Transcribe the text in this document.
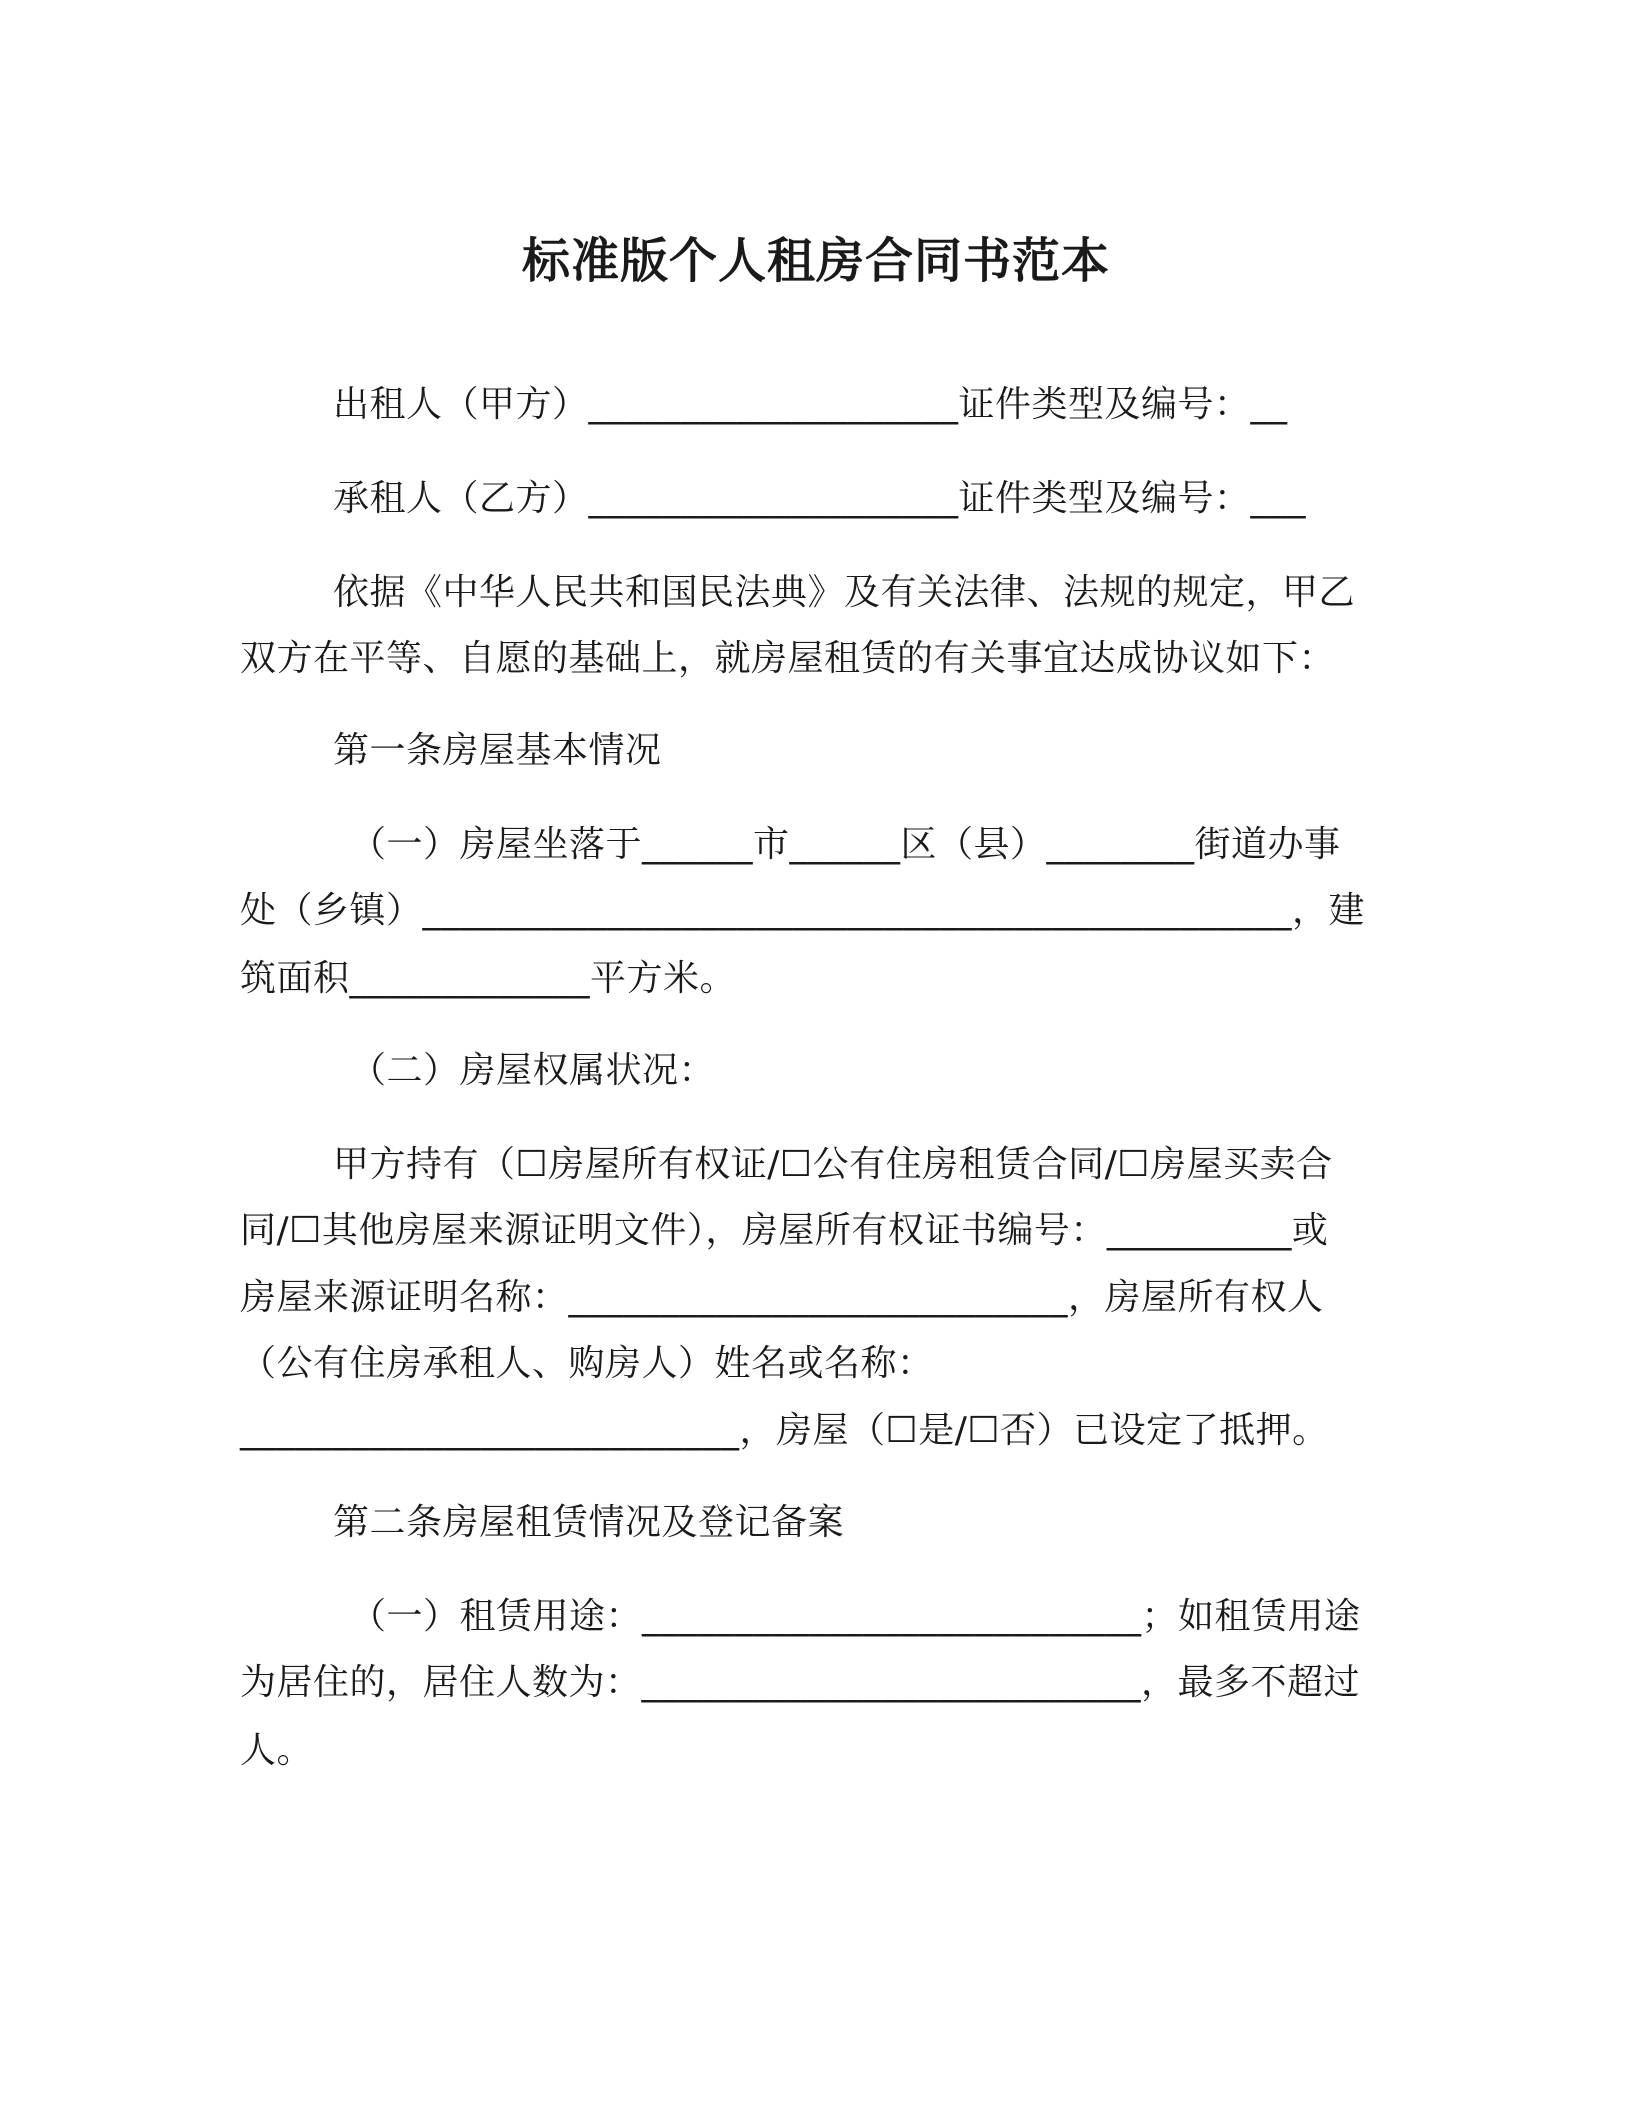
标准版个人租房合同书范本
出租人（甲方）____________________证件类型及编号：__
承租人（乙方）____________________证件类型及编号：___
依据《中华人民共和国民法典》及有关法律、法规的规定，甲乙
双方在平等、自愿的基础上，就房屋租赁的有关事宜达成协议如下：
第一条房屋基本情况
（一）房屋坐落于______市______区（县）________街道办事
处（乡镇）_______________________________________________，建
筑面积_____________平方米。
（二）房屋权属状况：
甲方持有（☐房屋所有权证/☐公有住房租赁合同/☐房屋买卖合
同/☐其他房屋来源证明文件），房屋所有权证书编号：__________或
房屋来源证明名称：___________________________，房屋所有权人
（公有住房承租人、购房人）姓名或名称：
___________________________，房屋（☐是/☐否）已设定了抵押。
第二条房屋租赁情况及登记备案
（一）租赁用途：___________________________；如租赁用途
为居住的，居住人数为：___________________________，最多不超过
人。
